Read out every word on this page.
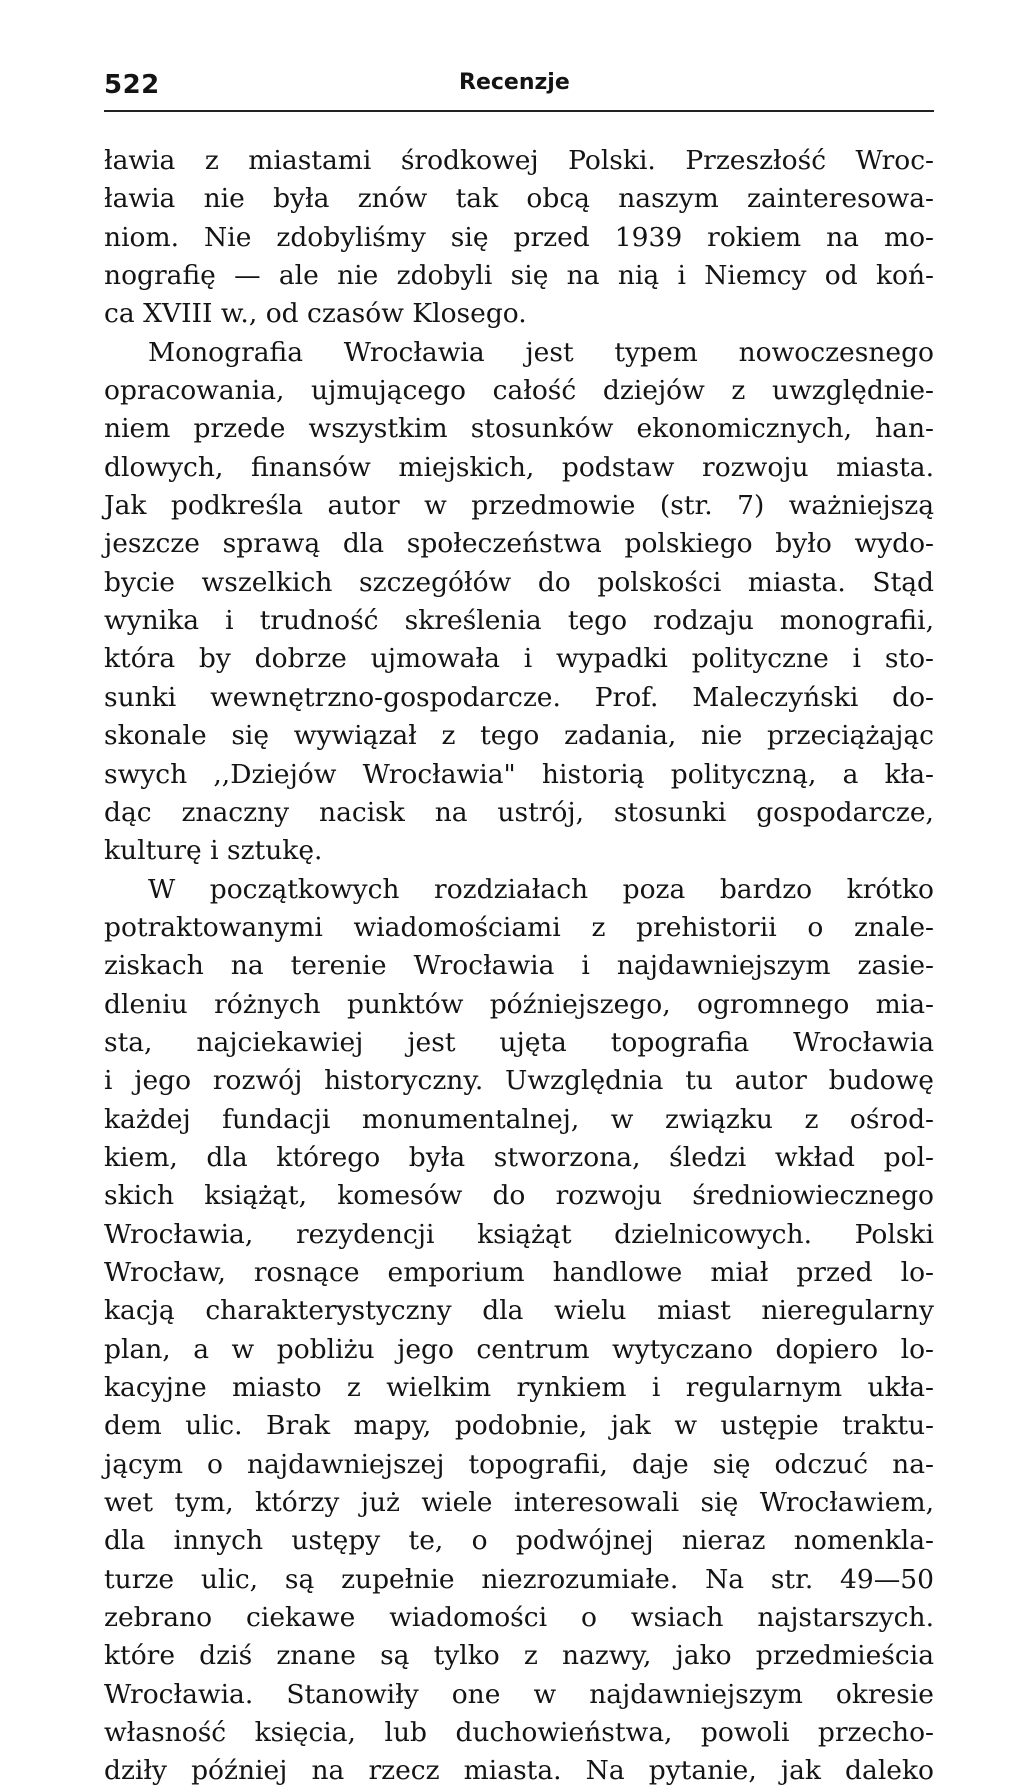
522	Recenzje
ławia z miastami środkowej Polski. Przeszłość Wroc-
ławia nie była znów tak obcą naszym zainteresowa-
niom. Nie zdobyliśmy się przed 1939 rokiem na mo-
nografię — ale nie zdobyli się na nią i Niemcy od koń-
ca XVIII w., od czasów Klosego.
Monografia Wrocławia jest typem nowoczesnego
opracowania, ujmującego całość dziejów z uwzględnie-
niem przede wszystkim stosunków ekonomicznych, han-
dlowych, finansów miejskich, podstaw rozwoju miasta.
Jak podkreśla autor w przedmowie (str. 7) ważniejszą
jeszcze sprawą dla społeczeństwa polskiego było wydo-
bycie wszelkich szczegółów do polskości miasta. Stąd
wynika i trudność skreślenia tego rodzaju monografii,
która by dobrze ujmowała i wypadki polityczne i sto-
sunki wewnętrzno-gospodarcze. Prof. Maleczyński do-
skonale się wywiązał z tego zadania, nie przeciążając
swych ,,Dziejów Wrocławia" historią polityczną, a kła-
dąc znaczny nacisk na ustrój, stosunki gospodarcze,
kulturę i sztukę.
W początkowych rozdziałach poza bardzo krótko
potraktowanymi wiadomościami z prehistorii o znale-
ziskach na terenie Wrocławia i najdawniejszym zasie-
dleniu różnych punktów późniejszego, ogromnego mia-
sta, najciekawiej jest ujęta topografia Wrocławia
i jego rozwój historyczny. Uwzględnia tu autor budowę
każdej fundacji monumentalnej, w związku z ośrod-
kiem, dla którego była stworzona, śledzi wkład pol-
skich książąt, komesów do rozwoju średniowiecznego
Wrocławia, rezydencji książąt dzielnicowych. Polski
Wrocław, rosnące emporium handlowe miał przed lo-
kacją charakterystyczny dla wielu miast nieregularny
plan, a w pobliżu jego centrum wytyczano dopiero lo-
kacyjne miasto z wielkim rynkiem i regularnym ukła-
dem ulic. Brak mapy, podobnie, jak w ustępie traktu-
jącym o najdawniejszej topografii, daje się odczuć na-
wet tym, którzy już wiele interesowali się Wrocławiem,
dla innych ustępy te, o podwójnej nieraz nomenkla-
turze ulic, są zupełnie niezrozumiałe. Na str. 49—50
zebrano ciekawe wiadomości o wsiach najstarszych.
które dziś znane są tylko z nazwy, jako przedmieścia
Wrocławia. Stanowiły one w najdawniejszym okresie
własność księcia, lub duchowieństwa, powoli przecho-
dziły później na rzecz miasta. Na pytanie, jak daleko
